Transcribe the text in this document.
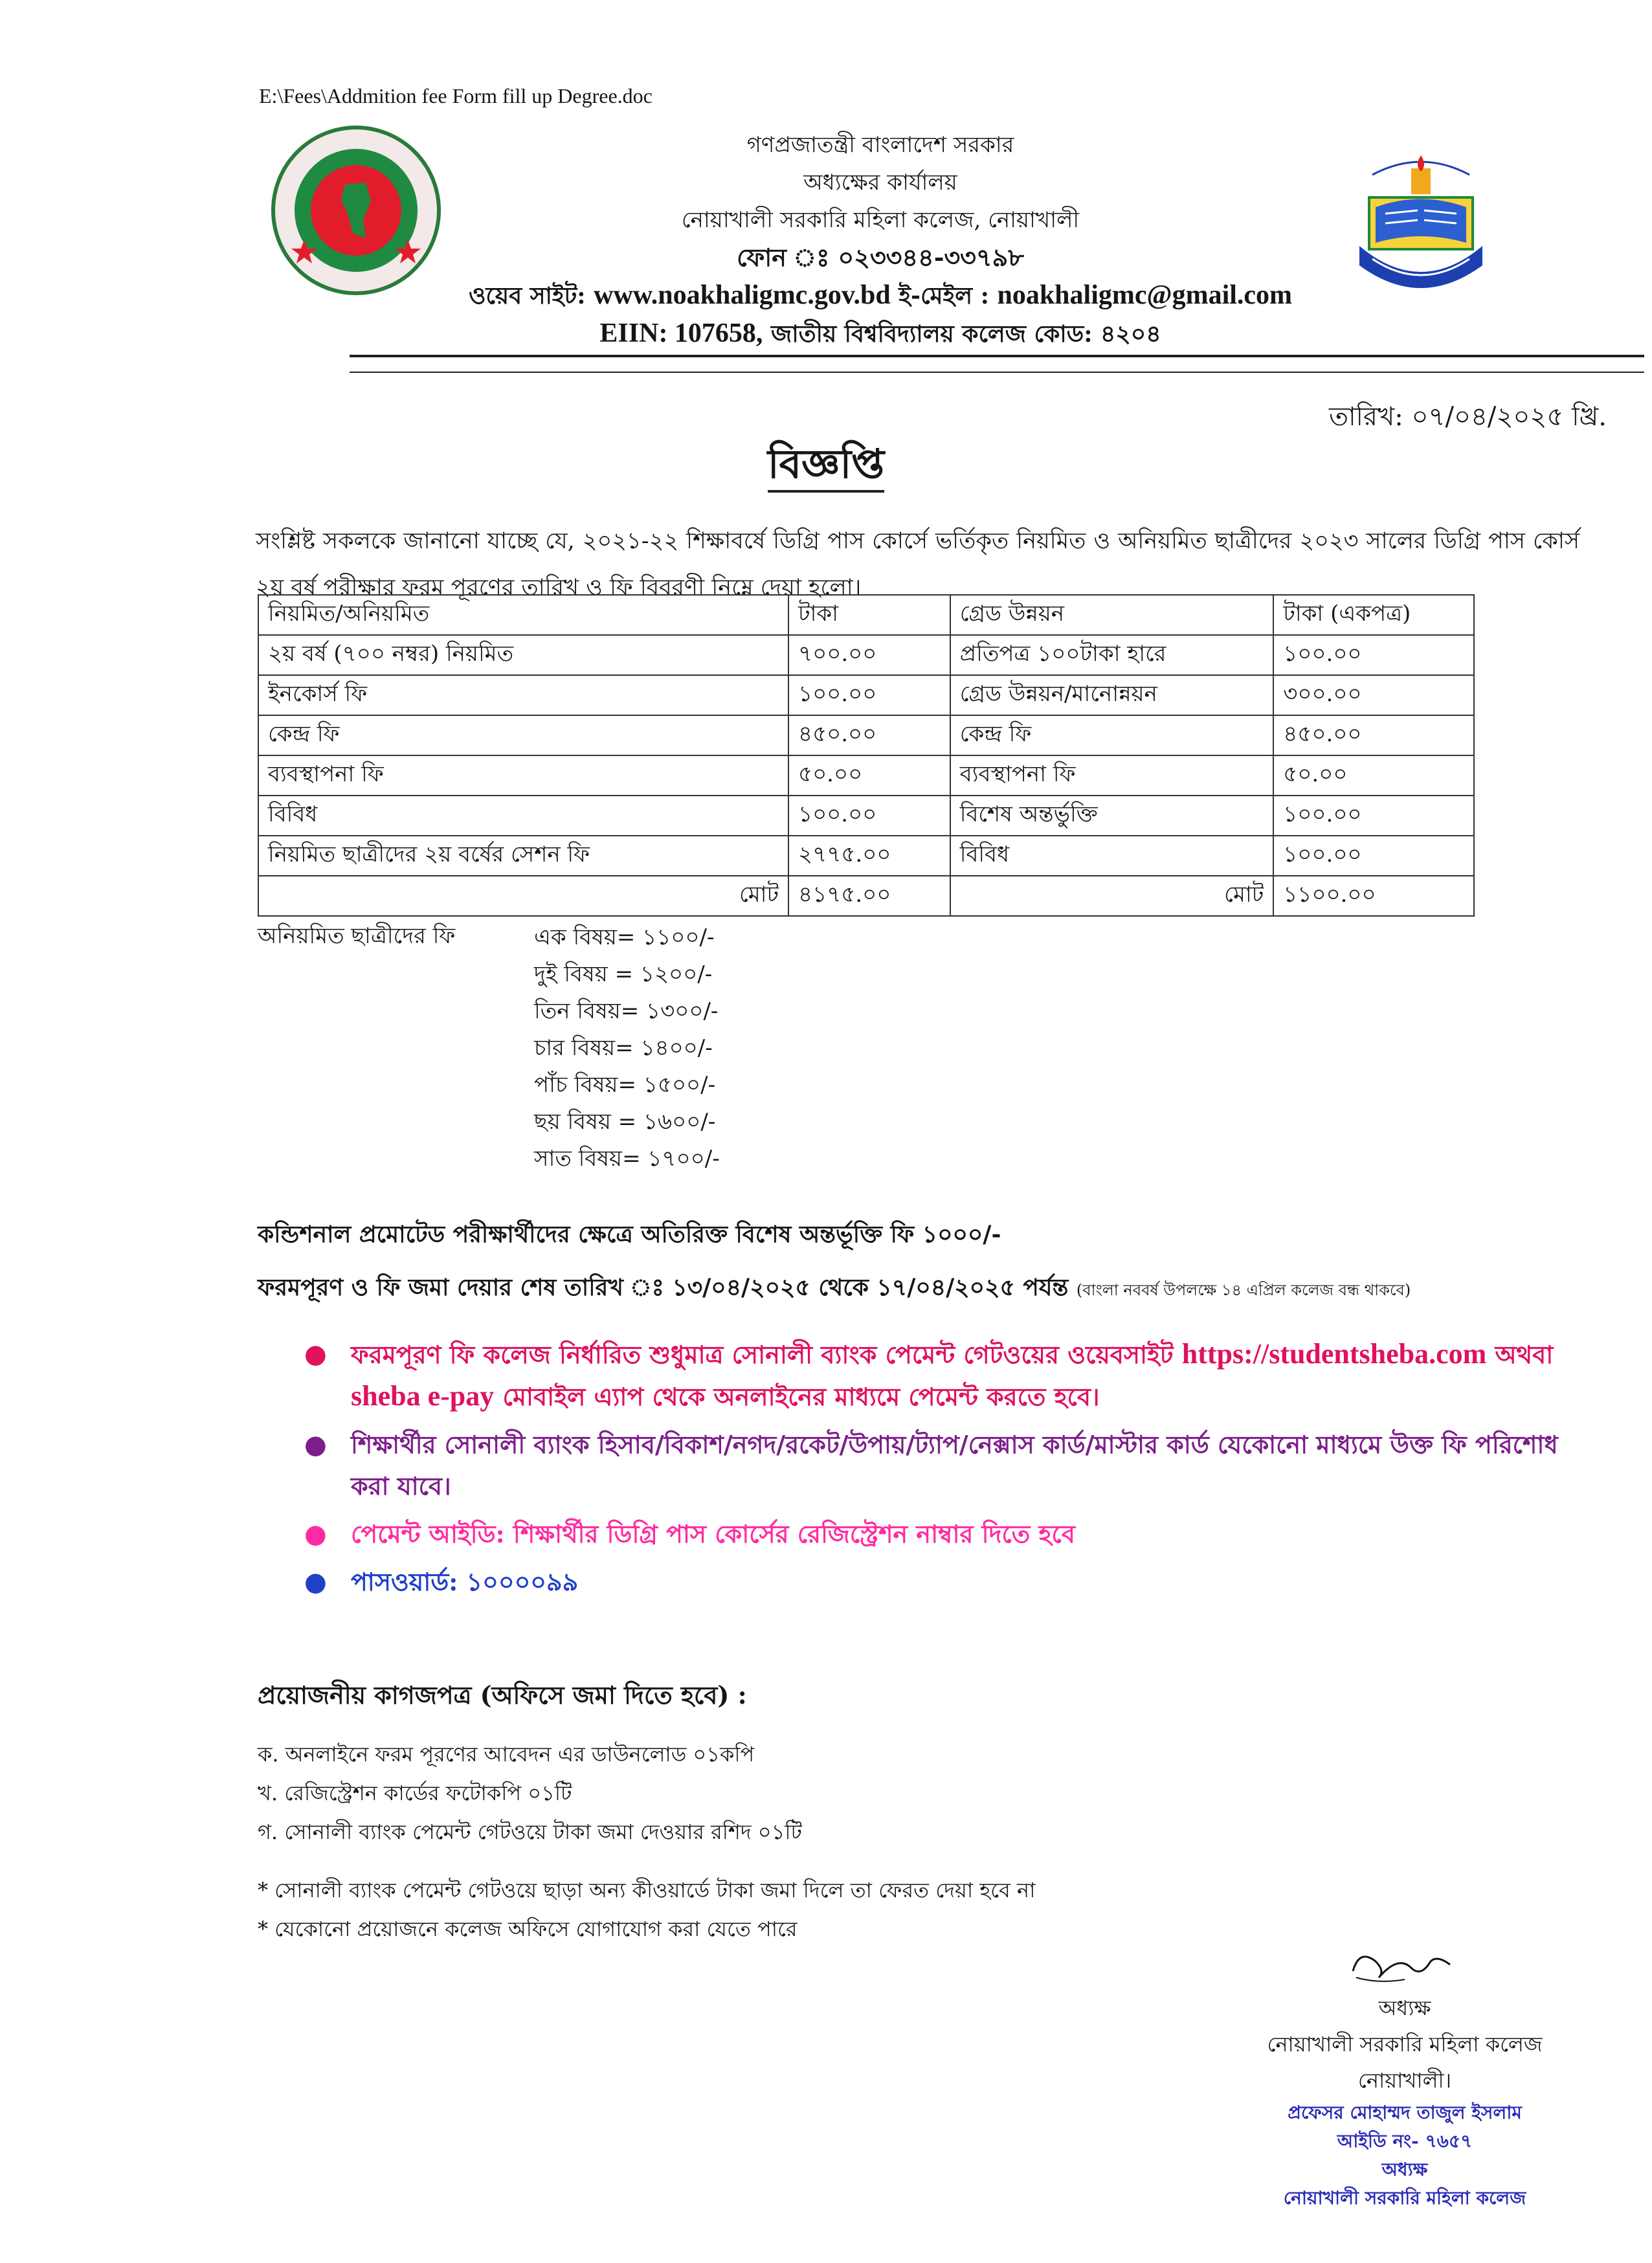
E:\Fees\Addmition fee Form fill up Degree.doc
গণপ্রজাতন্ত্রী বাংলাদেশ সরকার
অধ্যক্ষের কার্যালয়
নোয়াখালী সরকারি মহিলা কলেজ, নোয়াখালী
ফোন ঃ ০২৩৩৪৪-৩৩৭৯৮
ওয়েব সাইট: www.noakhaligmc.gov.bd ই-মেইল : noakhaligmc@gmail.com
EIIN: 107658, জাতীয় বিশ্ববিদ্যালয় কলেজ কোড: ৪২০৪
তারিখ: ০৭/০৪/২০২৫ খ্রি.
বিজ্ঞপ্তি
সংশ্লিষ্ট সকলকে জানানো যাচ্ছে যে, ২০২১-২২ শিক্ষাবর্ষে ডিগ্রি পাস কোর্সে ভর্তিকৃত নিয়মিত ও অনিয়মিত ছাত্রীদের ২০২৩ সালের ডিগ্রি পাস কোর্স ২য় বর্ষ পরীক্ষার ফরম পূরণের তারিখ ও ফি বিবরণী নিম্নে দেয়া হলো।
নিয়মিত/অনিয়মিত	টাকা	গ্রেড উন্নয়ন	টাকা (একপত্র)
২য় বর্ষ (৭০০ নম্বর) নিয়মিত	৭০০.০০	প্রতিপত্র ১০০টাকা হারে	১০০.০০
ইনকোর্স ফি	১০০.০০	গ্রেড উন্নয়ন/মানোন্নয়ন	৩০০.০০
কেন্দ্র ফি	৪৫০.০০	কেন্দ্র ফি	৪৫০.০০
ব্যবস্থাপনা ফি	৫০.০০	ব্যবস্থাপনা ফি	৫০.০০
বিবিধ	১০০.০০	বিশেষ অন্তর্ভুক্তি	১০০.০০
নিয়মিত ছাত্রীদের ২য় বর্ষের সেশন ফি	২৭৭৫.০০	বিবিধ	১০০.০০
মোট	৪১৭৫.০০	মোট	১১০০.০০
অনিয়মিত ছাত্রীদের ফি	এক বিষয়= ১১০০/-
দুই বিষয় = ১২০০/-
তিন বিষয়= ১৩০০/-
চার বিষয়= ১৪০০/-
পাঁচ বিষয়= ১৫০০/-
ছয় বিষয় = ১৬০০/-
সাত বিষয়= ১৭০০/-
কন্ডিশনাল প্রমোটেড পরীক্ষার্থীদের ক্ষেত্রে অতিরিক্ত বিশেষ অন্তর্ভূক্তি ফি ১০০০/-
ফরমপূরণ ও ফি জমা দেয়ার শেষ তারিখ ঃ ১৩/০৪/২০২৫ থেকে ১৭/০৪/২০২৫ পর্যন্ত (বাংলা নববর্ষ উপলক্ষে ১৪ এপ্রিল কলেজ বন্ধ থাকবে)
● ফরমপূরণ ফি কলেজ নির্ধারিত শুধুমাত্র সোনালী ব্যাংক পেমেন্ট গেটওয়ের ওয়েবসাইট https://studentsheba.com অথবা sheba e-pay মোবাইল এ্যাপ থেকে অনলাইনের মাধ্যমে পেমেন্ট করতে হবে।
● শিক্ষার্থীর সোনালী ব্যাংক হিসাব/বিকাশ/নগদ/রকেট/উপায়/ট্যাপ/নেক্সাস কার্ড/মাস্টার কার্ড যেকোনো মাধ্যমে উক্ত ফি পরিশোধ করা যাবে।
● পেমেন্ট আইডি: শিক্ষার্থীর ডিগ্রি পাস কোর্সের রেজিস্ট্রেশন নাম্বার দিতে হবে
● পাসওয়ার্ড: ১০০০০৯৯
প্রয়োজনীয় কাগজপত্র (অফিসে জমা দিতে হবে) :
ক. অনলাইনে ফরম পূরণের আবেদন এর ডাউনলোড ০১কপি
খ. রেজিস্ট্রেশন কার্ডের ফটোকপি ০১টি
গ. সোনালী ব্যাংক পেমেন্ট গেটওয়ে টাকা জমা দেওয়ার রশিদ ০১টি
* সোনালী ব্যাংক পেমেন্ট গেটওয়ে ছাড়া অন্য কীওয়ার্ডে টাকা জমা দিলে তা ফেরত দেয়া হবে না
* যেকোনো প্রয়োজনে কলেজ অফিসে যোগাযোগ করা যেতে পারে
অধ্যক্ষ
নোয়াখালী সরকারি মহিলা কলেজ
নোয়াখালী।
প্রফেসর মোহাম্মদ তাজুল ইসলাম
আইডি নং- ৭৬৫৭
অধ্যক্ষ
নোয়াখালী সরকারি মহিলা কলেজ
